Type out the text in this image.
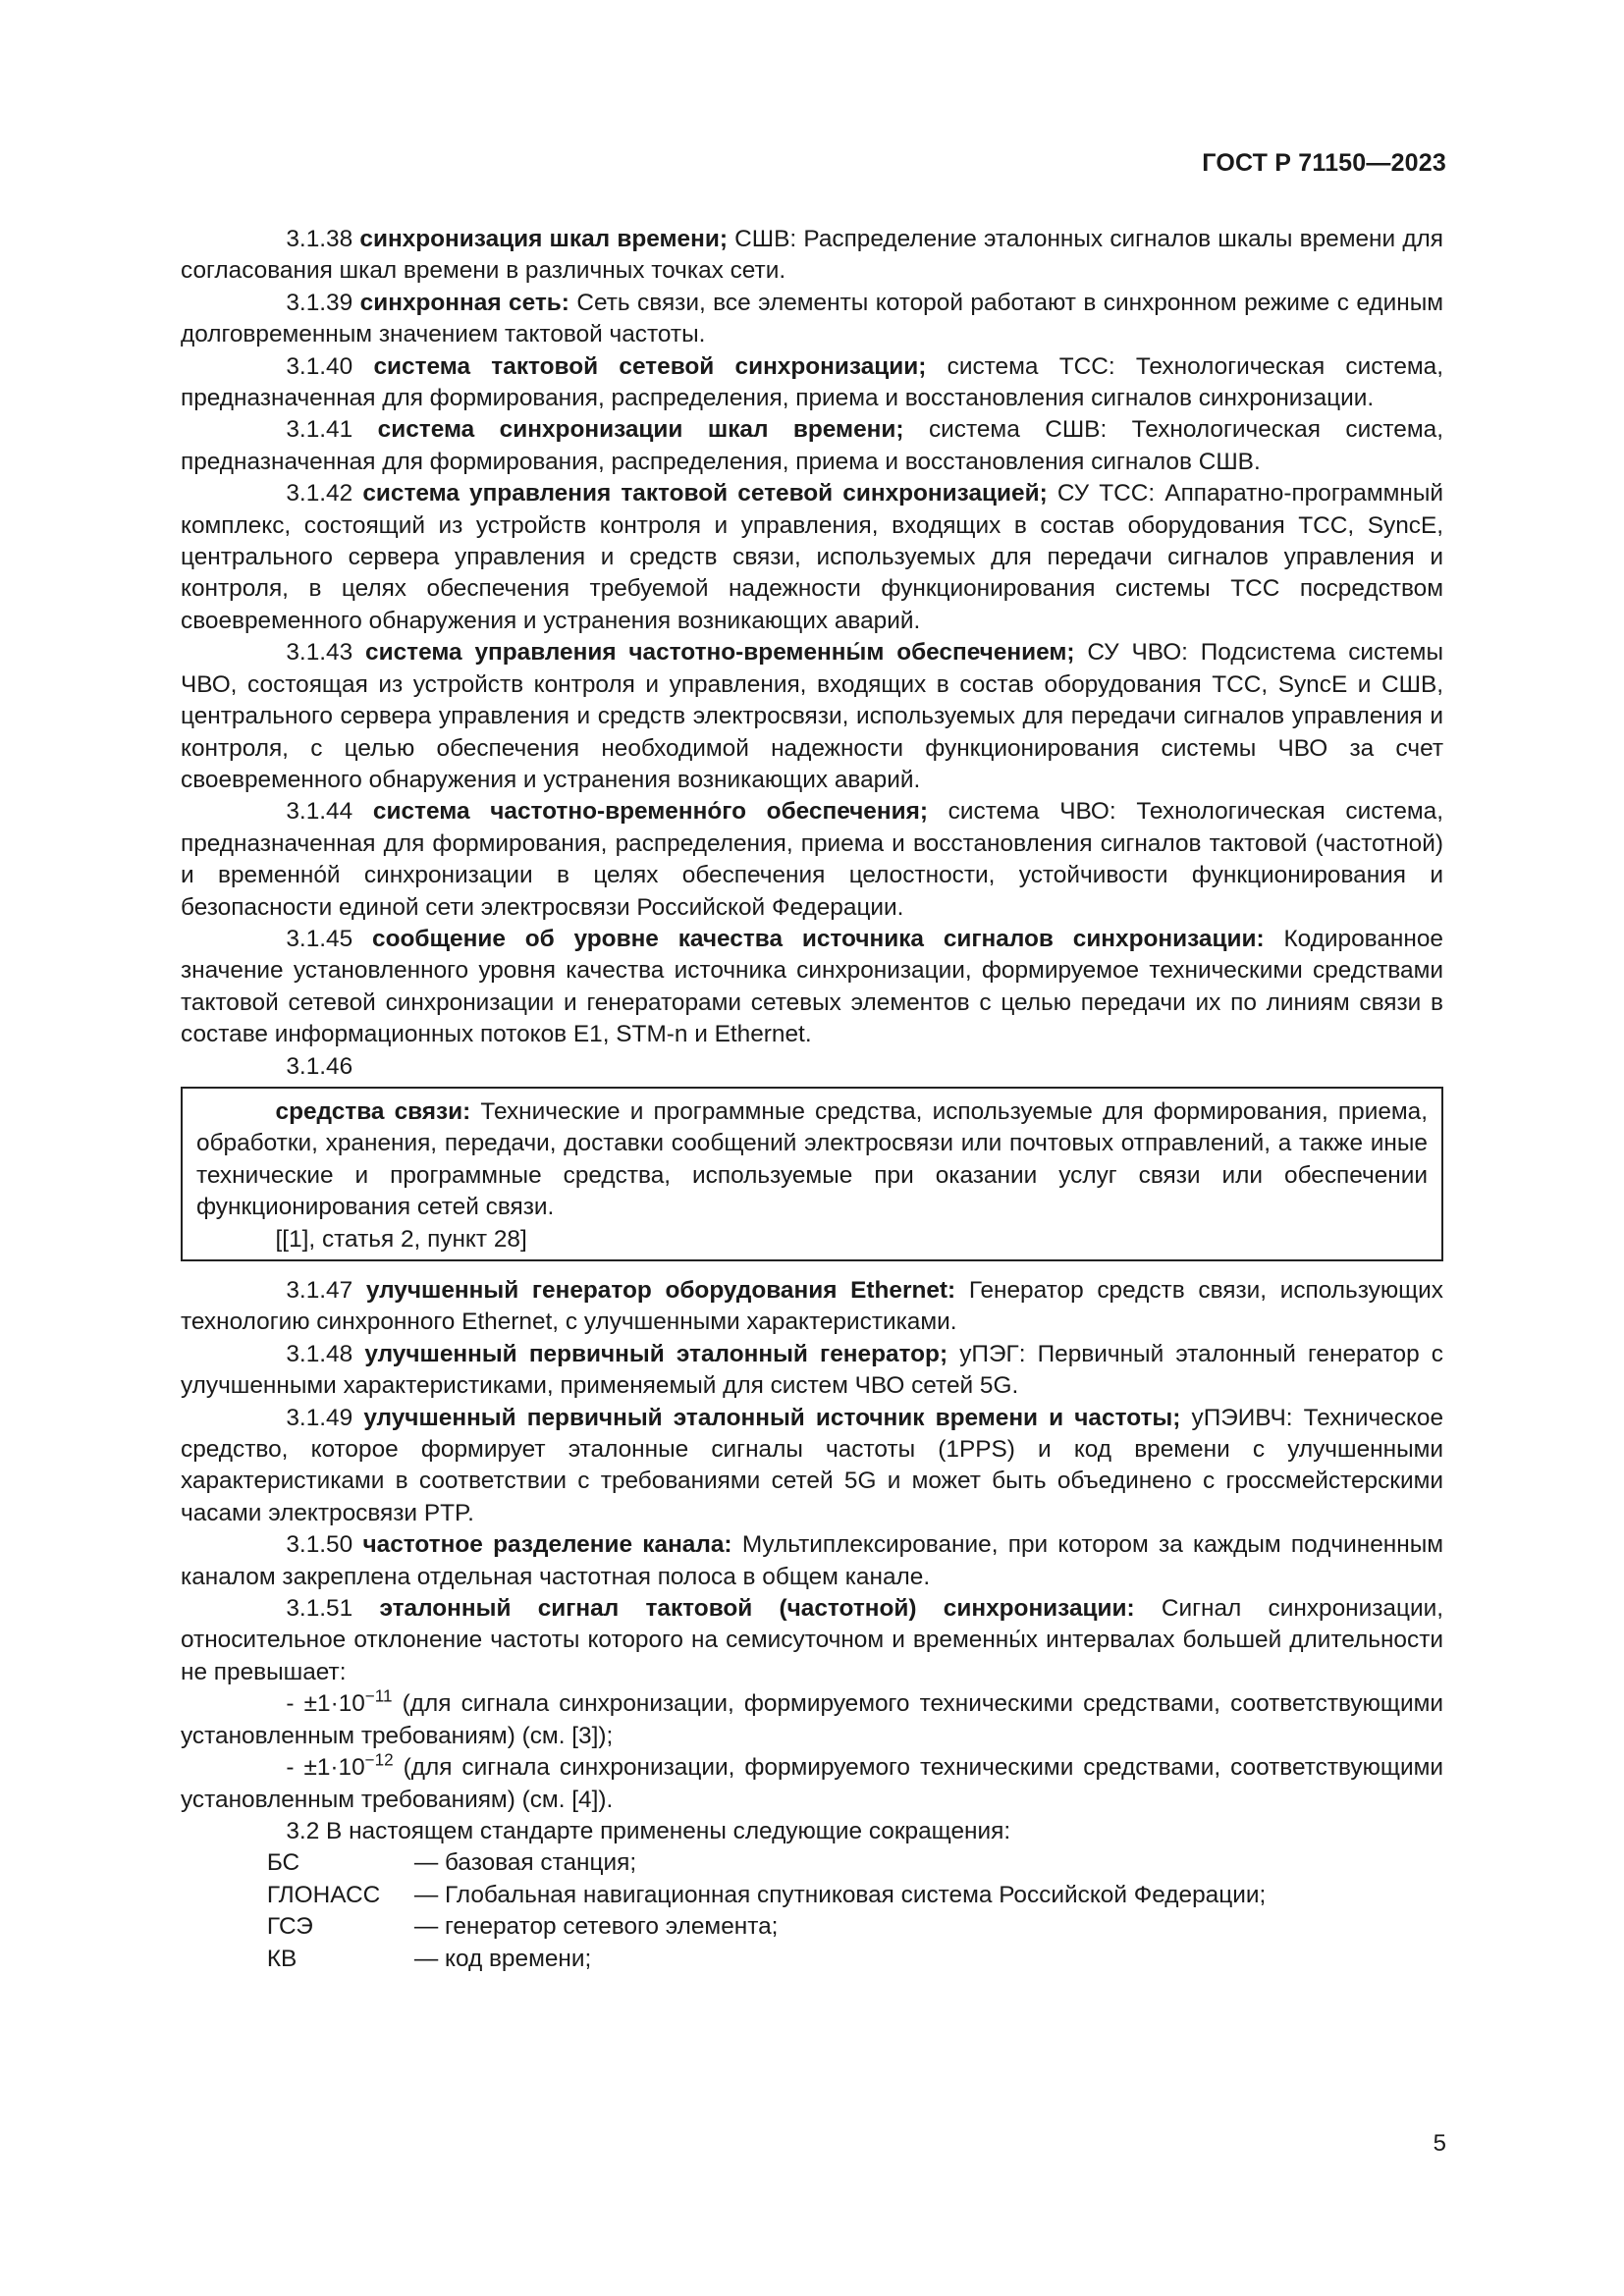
ГОСТ Р 71150—2023

3.1.38 синхронизация шкал времени; СШВ: Распределение эталонных сигналов шкалы времени для согласования шкал времени в различных точках сети.

3.1.39 синхронная сеть: Сеть связи, все элементы которой работают в синхронном режиме с единым долговременным значением тактовой частоты.

3.1.40 система тактовой сетевой синхронизации; система ТСС: Технологическая система, предназначенная для формирования, распределения, приема и восстановления сигналов синхронизации.

3.1.41 система синхронизации шкал времени; система СШВ: Технологическая система, предназначенная для формирования, распределения, приема и восстановления сигналов СШВ.

3.1.42 система управления тактовой сетевой синхронизацией; СУ ТСС: Аппаратно-программный комплекс, состоящий из устройств контроля и управления, входящих в состав оборудования ТСС, SyncE, центрального сервера управления и средств связи, используемых для передачи сигналов управления и контроля, в целях обеспечения требуемой надежности функционирования системы ТСС посредством своевременного обнаружения и устранения возникающих аварий.

3.1.43 система управления частотно-временны́м обеспечением; СУ ЧВО: Подсистема системы ЧВО, состоящая из устройств контроля и управления, входящих в состав оборудования ТСС, SyncE и СШВ, центрального сервера управления и средств электросвязи, используемых для передачи сигналов управления и контроля, с целью обеспечения необходимой надежности функционирования системы ЧВО за счет своевременного обнаружения и устранения возникающих аварий.

3.1.44 система частотно-временно́го обеспечения; система ЧВО: Технологическая система, предназначенная для формирования, распределения, приема и восстановления сигналов тактовой (частотной) и временно́й синхронизации в целях обеспечения целостности, устойчивости функционирования и безопасности единой сети электросвязи Российской Федерации.

3.1.45 сообщение об уровне качества источника сигналов синхронизации: Кодированное значение установленного уровня качества источника синхронизации, формируемое техническими средствами тактовой сетевой синхронизации и генераторами сетевых элементов с целью передачи их по линиям связи в составе информационных потоков E1, STM-n и Ethernet.

3.1.46

средства связи: Технические и программные средства, используемые для формирования, приема, обработки, хранения, передачи, доставки сообщений электросвязи или почтовых отправлений, а также иные технические и программные средства, используемые при оказании услуг связи или обеспечении функционирования сетей связи.

[[1], статья 2, пункт 28]

3.1.47 улучшенный генератор оборудования Ethernet: Генератор средств связи, использующих технологию синхронного Ethernet, с улучшенными характеристиками.

3.1.48 улучшенный первичный эталонный генератор; уПЭГ: Первичный эталонный генератор с улучшенными характеристиками, применяемый для систем ЧВО сетей 5G.

3.1.49 улучшенный первичный эталонный источник времени и частоты; уПЭИВЧ: Техническое средство, которое формирует эталонные сигналы частоты (1PPS) и код времени с улучшенными характеристиками в соответствии с требованиями сетей 5G и может быть объединено с гроссмейстерскими часами электросвязи PTP.

3.1.50 частотное разделение канала: Мультиплексирование, при котором за каждым подчиненным каналом закреплена отдельная частотная полоса в общем канале.

3.1.51 эталонный сигнал тактовой (частотной) синхронизации: Сигнал синхронизации, относительное отклонение частоты которого на семисуточном и временны́х интервалах большей длительности не превышает:

- $\pm 1\cdot 10^{-11}$ (для сигнала синхронизации, формируемого техническими средствами, соответствующими установленным требованиям) (см. [3]);

- $\pm 1\cdot 10^{-12}$ (для сигнала синхронизации, формируемого техническими средствами, соответствующими установленным требованиям) (см. [4]).

3.2 В настоящем стандарте применены следующие сокращения:

БС	— базовая станция;
ГЛОНАСС	— Глобальная навигационная спутниковая система Российской Федерации;
ГСЭ	— генератор сетевого элемента;
КВ	— код времени;
5
